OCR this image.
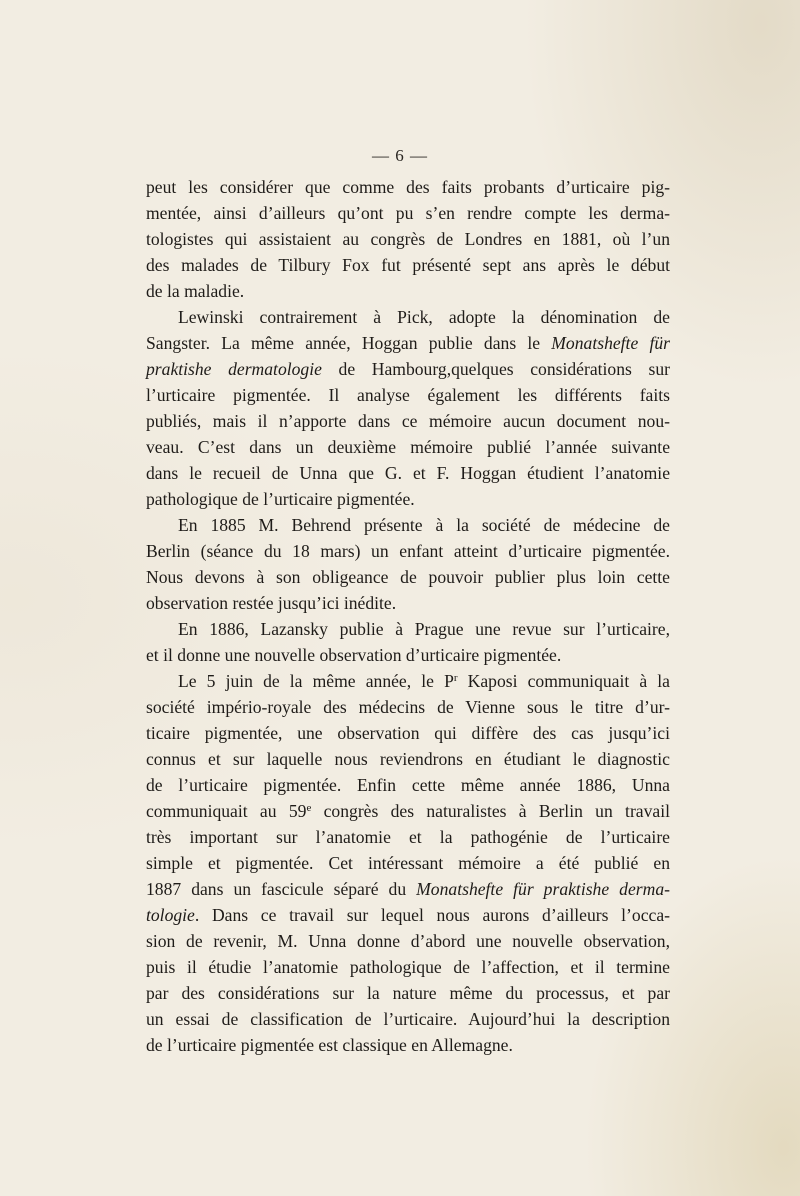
— 6 —
peut les considérer que comme des faits probants d’urticaire pig-
mentée, ainsi d’ailleurs qu’ont pu s’en rendre compte les derma-
tologistes qui assistaient au congrès de Londres en 1881, où l’un
des malades de Tilbury Fox fut présenté sept ans après le début
de la maladie.
Lewinski contrairement à Pick, adopte la dénomination de
Sangster. La même année, Hoggan publie dans le Monatshefte für
praktishe dermatologie de Hambourg,quelques considérations sur
l’urticaire pigmentée. Il analyse également les différents faits
publiés, mais il n’apporte dans ce mémoire aucun document nou-
veau. C’est dans un deuxième mémoire publié l’année suivante
dans le recueil de Unna que G. et F. Hoggan étudient l’anatomie
pathologique de l’urticaire pigmentée.
En 1885 M. Behrend présente à la société de médecine de
Berlin (séance du 18 mars) un enfant atteint d’urticaire pigmentée.
Nous devons à son obligeance de pouvoir publier plus loin cette
observation restée jusqu’ici inédite.
En 1886, Lazansky publie à Prague une revue sur l’urticaire,
et il donne une nouvelle observation d’urticaire pigmentée.
Le 5 juin de la même année, le $P^r$ Kaposi communiquait à la
société império-royale des médecins de Vienne sous le titre d’ur-
ticaire pigmentée, une observation qui diffère des cas jusqu’ici
connus et sur laquelle nous reviendrons en étudiant le diagnostic
de l’urticaire pigmentée. Enfin cette même année 1886, Unna
communiquait au 59e congrès des naturalistes à Berlin un travail
très important sur l’anatomie et la pathogénie de l’urticaire
simple et pigmentée. Cet intéressant mémoire a été publié en
1887 dans un fascicule séparé du Monatshefte für praktishe derma-
tologie. Dans ce travail sur lequel nous aurons d’ailleurs l’occa-
sion de revenir, M. Unna donne d’abord une nouvelle observation,
puis il étudie l’anatomie pathologique de l’affection, et il termine
par des considérations sur la nature même du processus, et par
un essai de classification de l’urticaire. Aujourd’hui la description
de l’urticaire pigmentée est classique en Allemagne.
